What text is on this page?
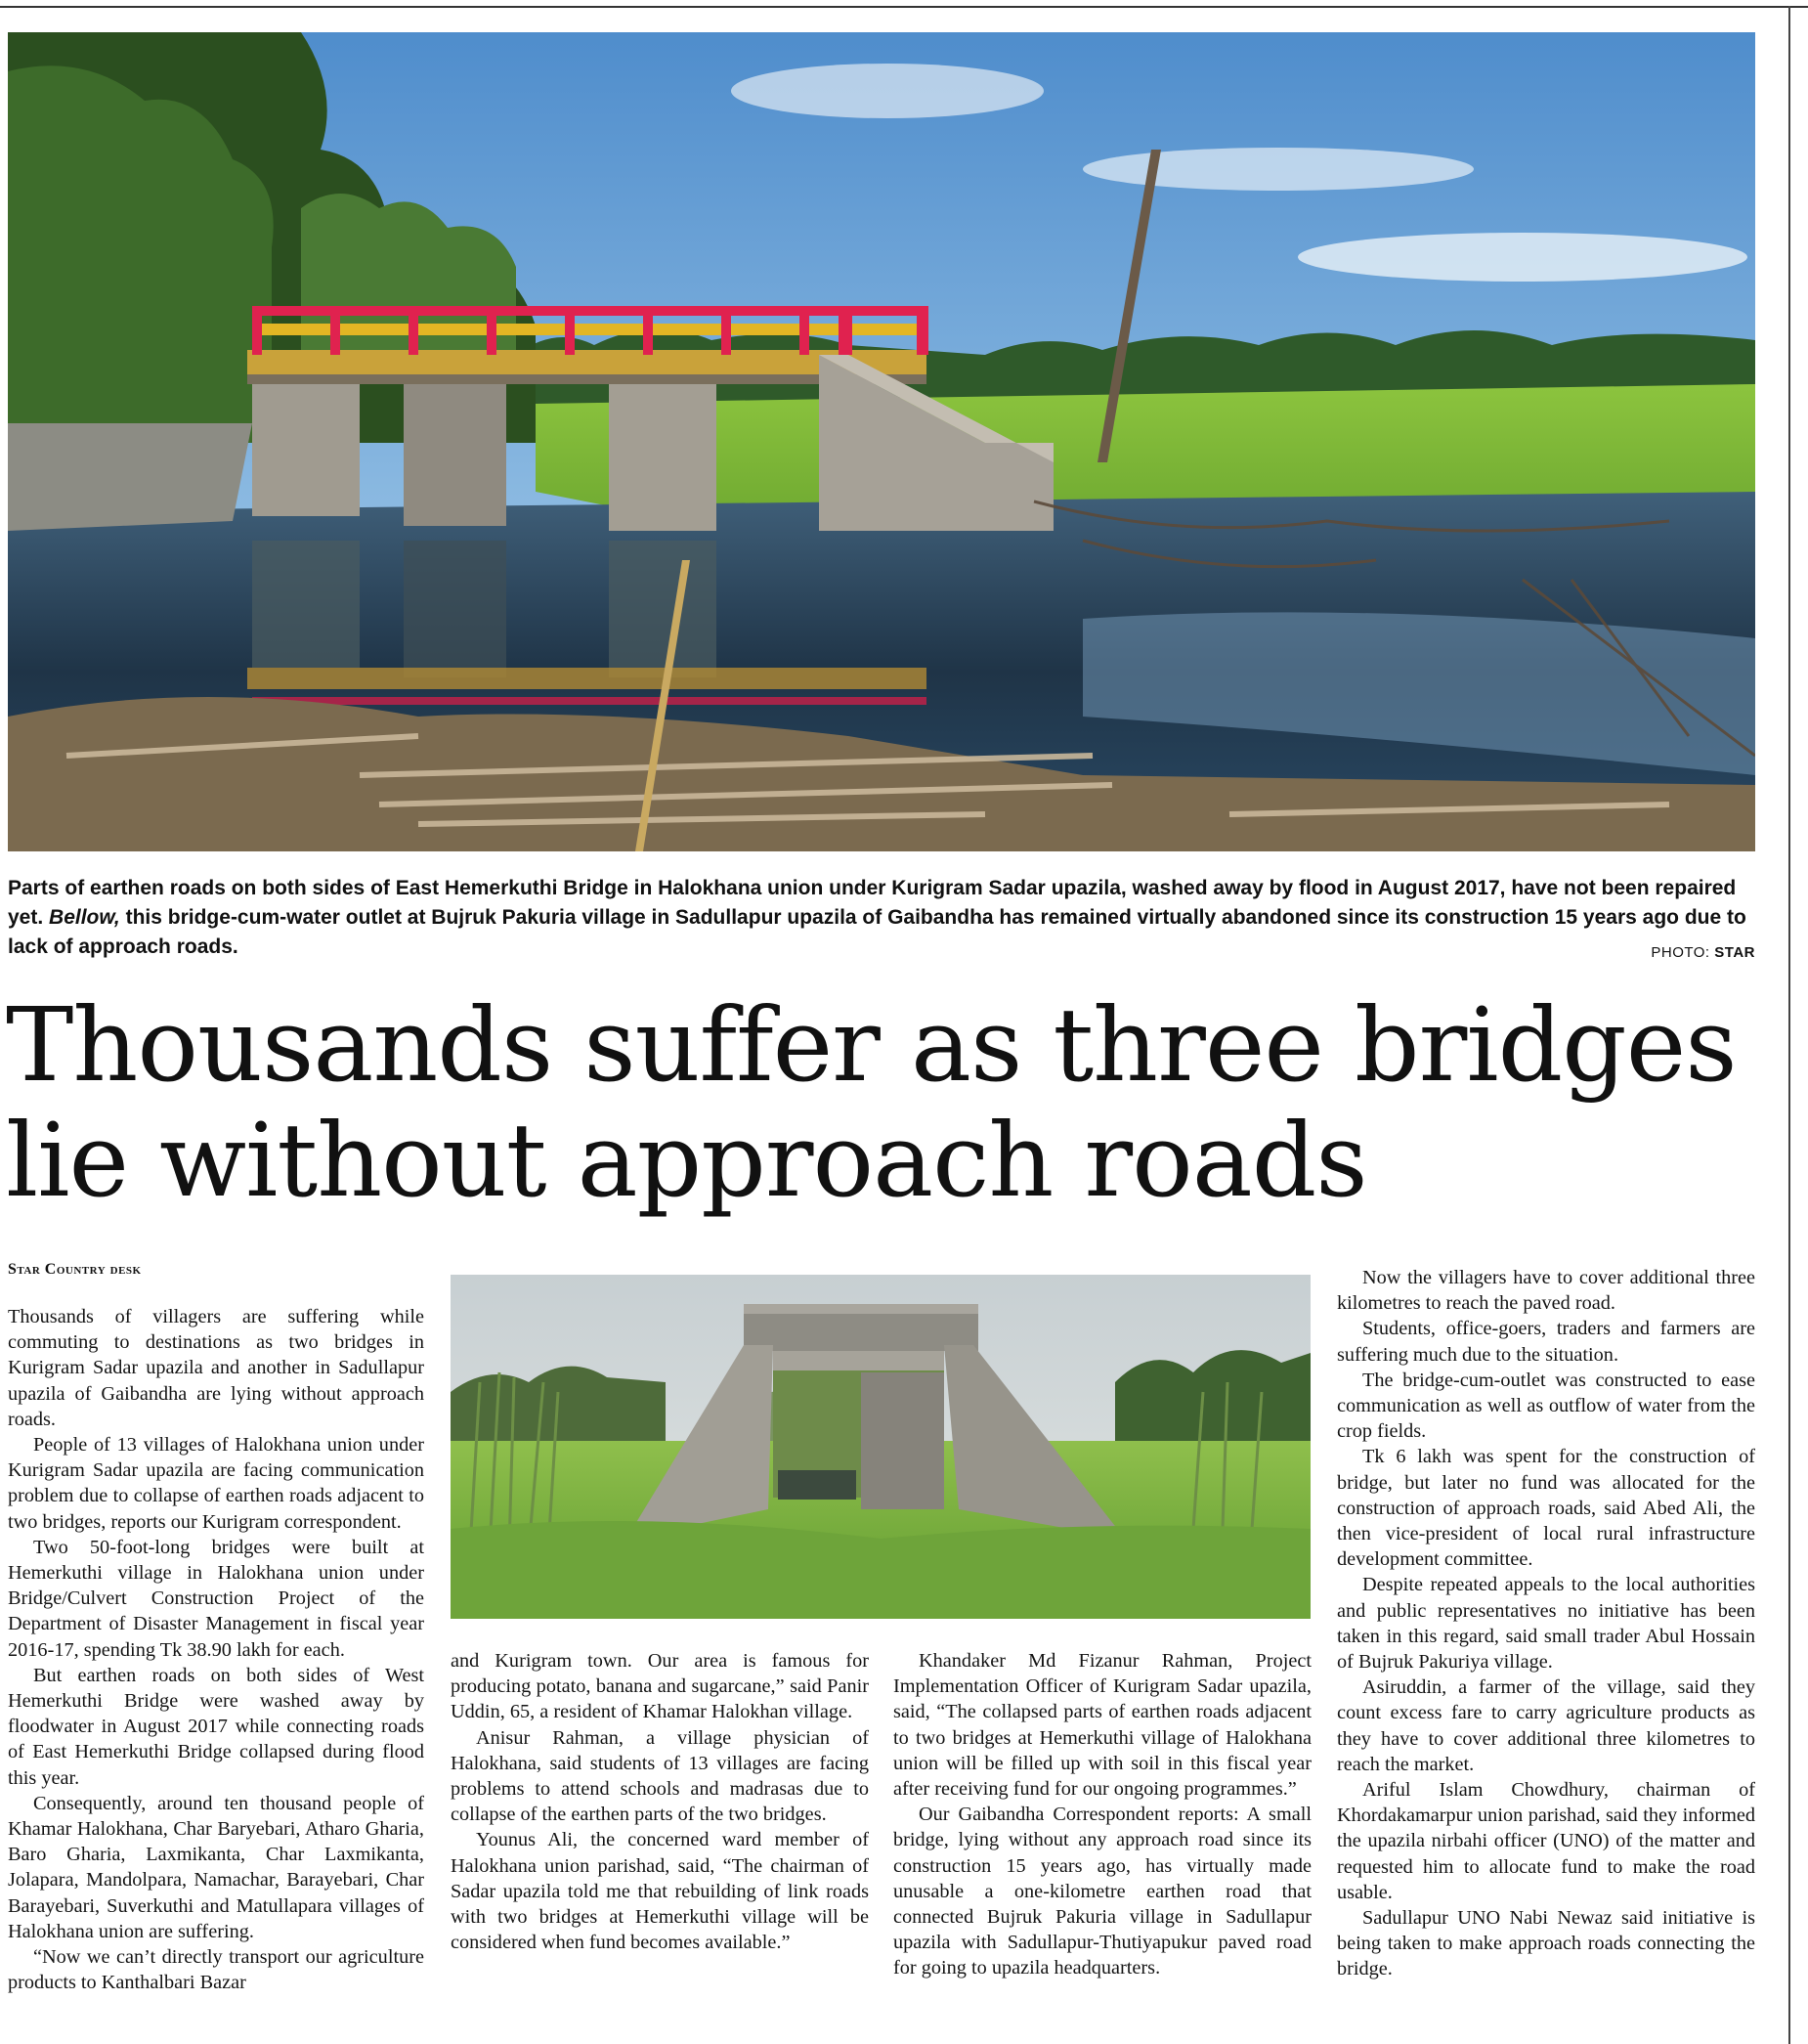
Parts of earthen roads on both sides of East Hemerkuthi Bridge in Halokhana union under Kurigram Sadar upazila, washed away by flood in August 2017, have not been repaired yet. Bellow, this bridge-cum-water outlet at Bujruk Pakuria village in Sadullapur upazila of Gaibandha has remained virtually abandoned since its construction 15 years ago due to lack of approach roads.	PHOTO: STAR
Thousands suffer as three bridges lie without approach roads
Star Country desk

Thousands of villagers are suffering while commuting to destinations as two bridges in Kurigram Sadar upazila and another in Sadullapur upazila of Gaibandha are lying without approach roads.

People of 13 villages of Halokhana union under Kurigram Sadar upazila are facing communication problem due to collapse of earthen roads adjacent to two bridges, reports our Kurigram correspondent.

Two 50-foot-long bridges were built at Hemerkuthi village in Halokhana union under Bridge/Culvert Construction Project of the Department of Disaster Management in fiscal year 2016-17, spending Tk 38.90 lakh for each.

But earthen roads on both sides of West Hemerkuthi Bridge were washed away by floodwater in August 2017 while connecting roads of East Hemerkuthi Bridge collapsed during flood this year.

Consequently, around ten thousand people of Khamar Halokhana, Char Baryebari, Atharo Gharia, Baro Gharia, Laxmikanta, Char Laxmikanta, Jolapara, Mandolpara, Namachar, Barayebari, Char Barayebari, Suverkuthi and Matullapara villages of Halokhana union are suffering.

“Now we can’t directly transport our agriculture products to Kanthalbari Bazar

and Kurigram town. Our area is famous for producing potato, banana and sugarcane,” said Panir Uddin, 65, a resident of Khamar Halokhan village.

Anisur Rahman, a village physician of Halokhana, said students of 13 villages are facing problems to attend schools and madrasas due to collapse of the earthen parts of the two bridges.

Younus Ali, the concerned ward member of Halokhana union parishad, said, “The chairman of Sadar upazila told me that rebuilding of link roads with two bridges at Hemerkuthi village will be considered when fund becomes available.”

Khandaker Md Fizanur Rahman, Project Implementation Officer of Kurigram Sadar upazila, said, “The collapsed parts of earthen roads adjacent to two bridges at Hemerkuthi village of Halokhana union will be filled up with soil in this fiscal year after receiving fund for our ongoing programmes.”

Our Gaibandha Correspondent reports: A small bridge, lying without any approach road since its construction 15 years ago, has virtually made unusable a one-kilometre earthen road that connected Bujruk Pakuria village in Sadullapur upazila with Sadullapur-Thutiyapukur paved road for going to upazila headquarters.

Now the villagers have to cover additional three kilometres to reach the paved road.

Students, office-goers, traders and farmers are suffering much due to the situation.

The bridge-cum-outlet was constructed to ease communication as well as outflow of water from the crop fields.

Tk 6 lakh was spent for the construction of bridge, but later no fund was allocated for the construction of approach roads, said Abed Ali, the then vice-president of local rural infrastructure development committee.

Despite repeated appeals to the local authorities and public representatives no initiative has been taken in this regard, said small trader Abul Hossain of Bujruk Pakuriya village.

Asiruddin, a farmer of the village, said they count excess fare to carry agriculture products as they have to cover additional three kilometres to reach the market.

Ariful Islam Chowdhury, chairman of Khordakamarpur union parishad, said they informed the upazila nirbahi officer (UNO) of the matter and requested him to allocate fund to make the road usable.

Sadullapur UNO Nabi Newaz said initiative is being taken to make approach roads connecting the bridge.
